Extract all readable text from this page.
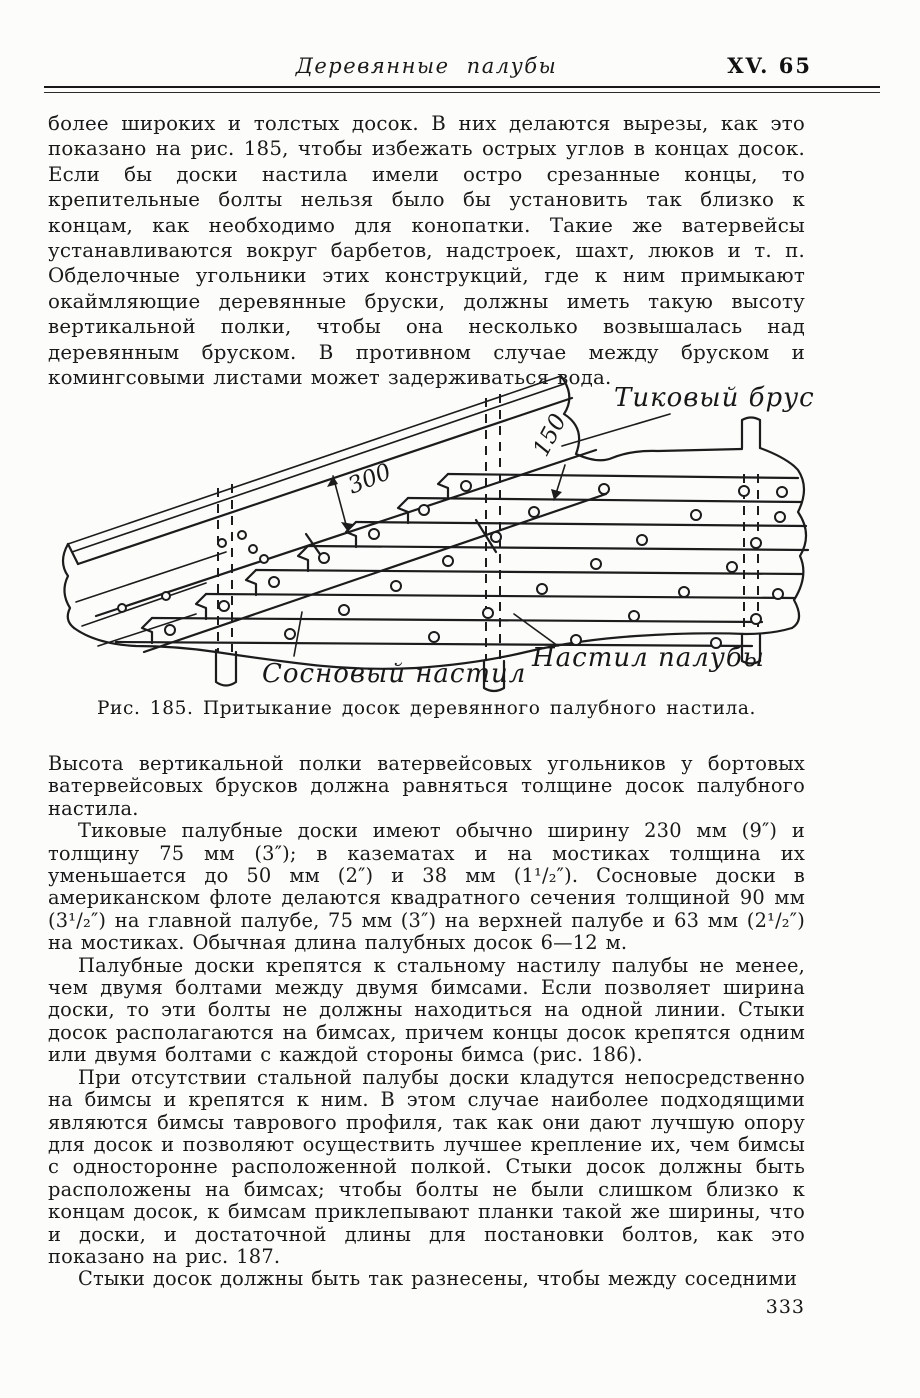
Деревянные палубы	XV. 65

более широких и толстых досок. В них делаются вырезы, как это показано на рис. 185, чтобы избежать острых углов в концах досок. Если бы доски настила имели остро срезанные концы, то крепительные болты нельзя было бы установить так близко к концам, как необходимо для конопатки. Такие же ватервейсы устанавливаются вокруг барбетов, надстроек, шахт, люков и т. п. Обделочные угольники этих конструкций, где к ним примыкают окаймляющие деревянные бруски, должны иметь такую высоту вертикальной полки, чтобы она несколько возвышалась над деревянным бруском. В противном случае между бруском и комингсовыми листами может задерживаться вода.

300
150
Тиковый брус
Сосновый настил
Настил палубы
Рис. 185. Притыкание досок деревянного палубного настила.

Высота вертикальной полки ватервейсовых угольников у бортовых ватервейсовых брусков должна равняться толщине досок палубного настила.

Тиковые палубные доски имеют обычно ширину 230 мм (9″) и толщину 75 мм (3″); в казематах и на мостиках толщина их уменьшается до 50 мм (2″) и 38 мм (1¹/₂″). Сосновые доски в американском флоте делаются квадратного сечения толщиной 90 мм (3¹/₂″) на главной палубе, 75 мм (3″) на верхней палубе и 63 мм (2¹/₂″) на мостиках. Обычная длина палубных досок 6—12 м.

Палубные доски крепятся к стальному настилу палубы не менее, чем двумя болтами между двумя бимсами. Если позволяет ширина доски, то эти болты не должны находиться на одной линии. Стыки досок располагаются на бимсах, причем концы досок крепятся одним или двумя болтами с каждой стороны бимса (рис. 186).

При отсутствии стальной палубы доски кладутся непосредственно на бимсы и крепятся к ним. В этом случае наиболее подходящими являются бимсы таврового профиля, так как они дают лучшую опору для досок и позволяют осуществить лучшее крепление их, чем бимсы с односторонне расположенной полкой. Стыки досок должны быть расположены на бимсах; чтобы болты не были слишком близко к концам досок, к бимсам приклепывают планки такой же ширины, что и доски, и достаточной длины для постановки болтов, как это показано на рис. 187.

Стыки досок должны быть так разнесены, чтобы между соседними

333
